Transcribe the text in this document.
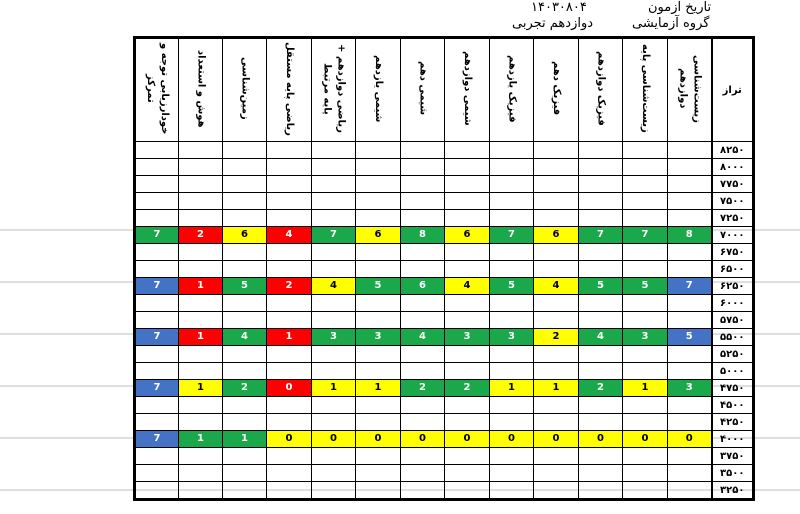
تاریخ آزمون
۱۴۰۳۰۸۰۴
گروه آزمایشی
دوازدهم تجربی
خودارزیابی توجه و تمرکز	هوش و استعداد	زمین‌شناسی	ریاضی پایه مستقل	ریاضی دوازدهم + پایه مرتبط	شیمی یازدهم	شیمی دهم	شیمی دوازدهم	فیزیک یازدهم	فیزیک دهم	فیزیک دوازدهم	زیست‌شناسی پایه	زیست‌شناسی دوازدهم	تراز
													۸۲۵۰
													۸۰۰۰
													۷۷۵۰
													۷۵۰۰
													۷۲۵۰

7	2	6	4	7	6	8	6	7	6	7	7	8	۷۰۰۰
													۶۷۵۰
													۶۵۰۰

7	1	5	2	4	5	6	4	5	4	5	5	7	۶۲۵۰
													۶۰۰۰
													۵۷۵۰

7	1	4	1	3	3	4	3	3	2	4	3	5	۵۵۰۰
													۵۲۵۰
													۵۰۰۰

7	1	2	0	1	1	2	2	1	1	2	1	3	۴۷۵۰
													۴۵۰۰
													۴۲۵۰

7	1	1	0	0	0	0	0	0	0	0	0	0	۴۰۰۰
													۳۷۵۰
													۳۵۰۰
													۳۲۵۰
